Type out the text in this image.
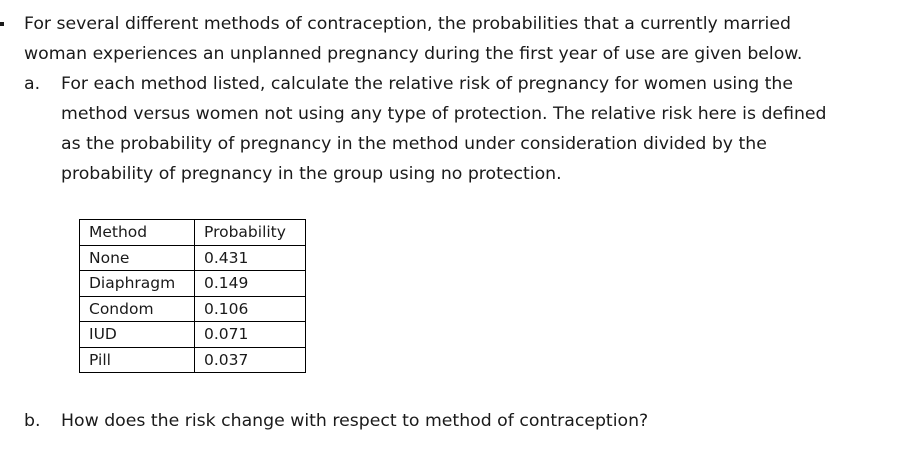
For several different methods of contraception, the probabilities that a currently married
woman experiences an unplanned pregnancy during the first year of use are given below.

a. For each method listed, calculate the relative risk of pregnancy for women using the
method versus women not using any type of protection. The relative risk here is defined
as the probability of pregnancy in the method under consideration divided by the
probability of pregnancy in the group using no protection.

Method	Probability
None	0.431
Diaphragm	0.149
Condom	0.106
IUD	0.071
Pill	0.037

b. How does the risk change with respect to method of contraception?
